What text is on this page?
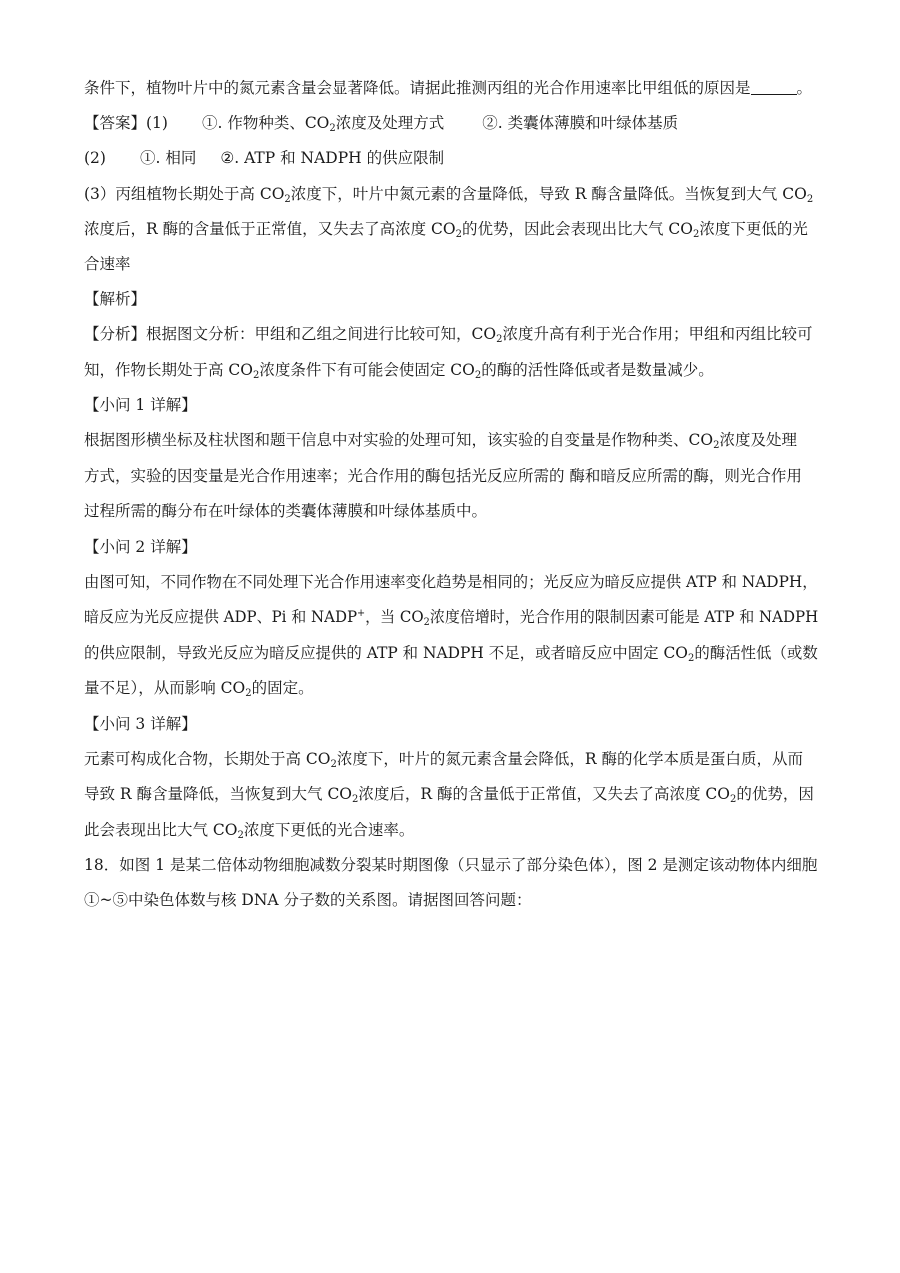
条件下，植物叶片中的氮元素含量会显著降低。请据此推测丙组的光合作用速率比甲组低的原因是	。
【答案】(1) ①. 作物种类、$CO_2$浓度及处理方式 ②. 类囊体薄膜和叶绿体基质
(2) ①. 相同 ②. ATP 和 NADPH 的供应限制
(3）丙组植物长期处于高 $CO_2$浓度下，叶片中氮元素的含量降低，导致 R 酶含量降低。当恢复到大气 $CO_2$
浓度后，R 酶的含量低于正常值，又失去了高浓度 $CO_2$的优势，因此会表现出比大气 $CO_2$浓度下更低的光
合速率
【解析】
【分析】根据图文分析：甲组和乙组之间进行比较可知，$CO_2$浓度升高有利于光合作用；甲组和丙组比较可
知，作物长期处于高 $CO_2$浓度条件下有可能会使固定 $CO_2$的酶的活性降低或者是数量减少。
【小问 1 详解】
根据图形横坐标及柱状图和题干信息中对实验的处理可知，该实验的自变量是作物种类、$CO_2$浓度及处理
方式，实验的因变量是光合作用速率；光合作用的酶包括光反应所需的 酶和暗反应所需的酶，则光合作用
过程所需的酶分布在叶绿体的类囊体薄膜和叶绿体基质中。
【小问 2 详解】
由图可知，不同作物在不同处理下光合作用速率变化趋势是相同的；光反应为暗反应提供 ATP 和 NADPH，
暗反应为光反应提供 ADP、Pi 和 NADP+，当 $CO_2$浓度倍增时，光合作用的限制因素可能是 ATP 和 NADPH
的供应限制，导致光反应为暗反应提供的 ATP 和 NADPH 不足，或者暗反应中固定 $CO_2$的酶活性低（或数
量不足），从而影响 $CO_2$的固定。
【小问 3 详解】
元素可构成化合物，长期处于高 $CO_2$浓度下，叶片的氮元素含量会降低，R 酶的化学本质是蛋白质，从而
导致 R 酶含量降低，当恢复到大气 $CO_2$浓度后，R 酶的含量低于正常值，又失去了高浓度 $CO_2$的优势，因
此会表现出比大气 $CO_2$浓度下更低的光合速率。
18．如图 1 是某二倍体动物细胞减数分裂某时期图像（只显示了部分染色体），图 2 是测定该动物体内细胞
①~⑤中染色体数与核 DNA 分子数的关系图。请据图回答问题：
